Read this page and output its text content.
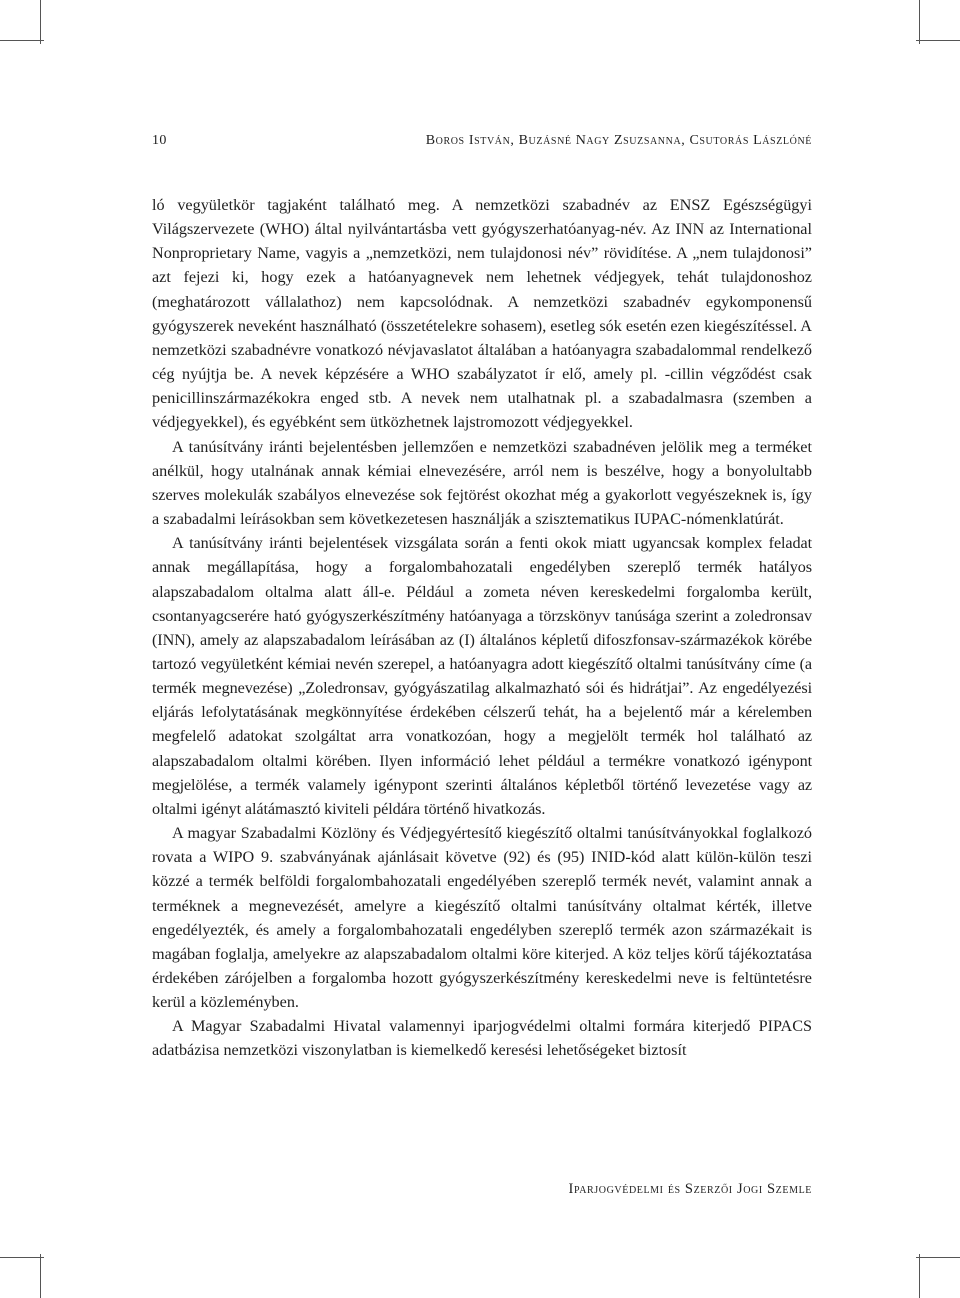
10	Boros István, Buzásné Nagy Zsuzsanna, Csutorás Lászlóné

ló vegyületkör tagjaként található meg. A nemzetközi szabadnév az ENSZ Egészségügyi Világszervezete (WHO) által nyilvántartásba vett gyógyszerhatóanyag-név. Az INN az International Nonproprietary Name, vagyis a „nemzetközi, nem tulajdonosi név” rövidítése. A „nem tulajdonosi” azt fejezi ki, hogy ezek a hatóanyagnevek nem lehetnek védjegyek, tehát tulajdonoshoz (meghatározott vállalathoz) nem kapcsolódnak. A nemzetközi szabadnév egykomponensű gyógyszerek neveként használható (összetételekre sohasem), esetleg sók esetén ezen kiegészítéssel. A nemzetközi szabadnévre vonatkozó névjavaslatot általában a hatóanyagra szabadalommal rendelkező cég nyújtja be. A nevek képzésére a WHO szabályzatot ír elő, amely pl. -cillin végződést csak penicillinszármazékokra enged stb. A nevek nem utalhatnak pl. a szabadalmasra (szemben a védjegyekkel), és egyébként sem ütközhetnek lajstromozott védjegyekkel.

A tanúsítvány iránti bejelentésben jellemzően e nemzetközi szabadnéven jelölik meg a terméket anélkül, hogy utalnának annak kémiai elnevezésére, arról nem is beszélve, hogy a bonyolultabb szerves molekulák szabályos elnevezése sok fejtörést okozhat még a gyakorlott vegyészeknek is, így a szabadalmi leírásokban sem következetesen használják a szisztematikus IUPAC-nómenklatúrát.

A tanúsítvány iránti bejelentések vizsgálata során a fenti okok miatt ugyancsak komplex feladat annak megállapítása, hogy a forgalombahozatali engedélyben szereplő termék hatályos alapszabadalom oltalma alatt áll-e. Például a zometa néven kereskedelmi forgalomba került, csontanyagcserére ható gyógyszerkészítmény hatóanyaga a törzskönyv tanúsága szerint a zoledronsav (INN), amely az alapszabadalom leírásában az (I) általános képletű difoszfonsav-származékok körébe tartozó vegyületként kémiai nevén szerepel, a hatóanyagra adott kiegészítő oltalmi tanúsítvány címe (a termék megnevezése) „Zoledronsav, gyógyászatilag alkalmazható sói és hidrátjai”. Az engedélyezési eljárás lefolytatásának megkönnyítése érdekében célszerű tehát, ha a bejelentő már a kérelemben megfelelő adatokat szolgáltat arra vonatkozóan, hogy a megjelölt termék hol található az alapszabadalom oltalmi körében. Ilyen információ lehet például a termékre vonatkozó igénypont megjelölése, a termék valamely igénypont szerinti általános képletből történő levezetése vagy az oltalmi igényt alátámasztó kiviteli példára történő hivatkozás.

A magyar Szabadalmi Közlöny és Védjegyértesítő kiegészítő oltalmi tanúsítványokkal foglalkozó rovata a WIPO 9. szabványának ajánlásait követve (92) és (95) INID-kód alatt külön-külön teszi közzé a termék belföldi forgalombahozatali engedélyében szereplő termék nevét, valamint annak a terméknek a megnevezését, amelyre a kiegészítő oltalmi tanúsítvány oltalmat kérték, illetve engedélyezték, és amely a forgalombahozatali engedélyben szereplő termék azon származékait is magában foglalja, amelyekre az alapszabadalom oltalmi köre kiterjed. A köz teljes körű tájékoztatása érdekében zárójelben a forgalomba hozott gyógyszerkészítmény kereskedelmi neve is feltüntetésre kerül a közleményben.

A Magyar Szabadalmi Hivatal valamennyi iparjogvédelmi oltalmi formára kiterjedő PIPACS adatbázisa nemzetközi viszonylatban is kiemelkedő keresési lehetőségeket biztosít

Iparjogvédelmi és Szerzői Jogi Szemle
